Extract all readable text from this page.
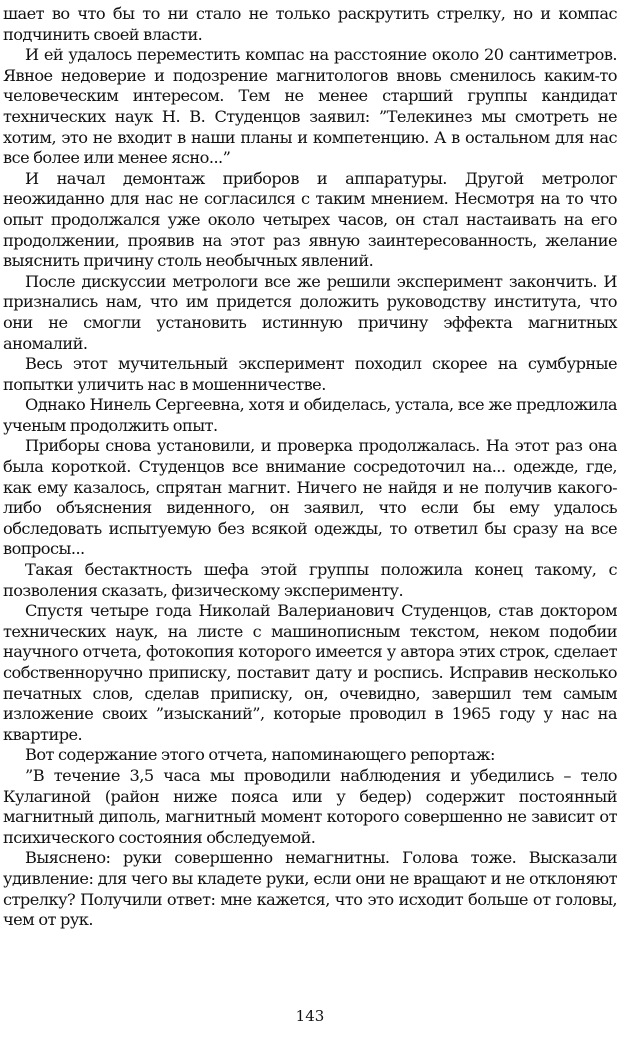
шает во что бы то ни стало не только раскрутить стрелку, но и компас подчинить своей власти.

И ей удалось переместить компас на расстояние около 20 сантиметров. Явное недоверие и подозрение магнитологов вновь сменилось каким-то человеческим интересом. Тем не менее старший группы кандидат технических наук Н. В. Студенцов заявил: ”Телекинез мы смотреть не хотим, это не входит в наши планы и компетенцию. А в остальном для нас все более или менее ясно...”

И начал демонтаж приборов и аппаратуры. Другой метролог неожиданно для нас не согласился с таким мнением. Несмотря на то что опыт продолжался уже около четырех часов, он стал настаивать на его продолжении, проявив на этот раз явную заинтересованность, желание выяснить причину столь необычных явлений.

После дискуссии метрологи все же решили эксперимент закончить. И признались нам, что им придется доложить руководству института, что они не смогли установить истинную причину эффекта магнитных аномалий.

Весь этот мучительный эксперимент походил скорее на сумбурные попытки уличить нас в мошенничестве.

Однако Нинель Сергеевна, хотя и обиделась, устала, все же предложила ученым продолжить опыт.

Приборы снова установили, и проверка продолжалась. На этот раз она была короткой. Студенцов все внимание сосредоточил на... одежде, где, как ему казалось, спрятан магнит. Ничего не найдя и не получив какого-либо объяснения виденного, он заявил, что если бы ему удалось обследовать испытуемую без всякой одежды, то ответил бы сразу на все вопросы...

Такая бестактность шефа этой группы положила конец такому, с позволения сказать, физическому эксперименту.

Спустя четыре года Николай Валерианович Студенцов, став доктором технических наук, на листе с машинописным текстом, неком подобии научного отчета, фотокопия которого имеется у автора этих строк, сделает собственноручно приписку, поставит дату и роспись. Исправив несколько печатных слов, сделав приписку, он, очевидно, завершил тем самым изложение своих ”изысканий”, которые проводил в 1965 году у нас на квартире.

Вот содержание этого отчета, напоминающего репортаж:

”В течение 3,5 часа мы проводили наблюдения и убедились – тело Кулагиной (район ниже пояса или у бедер) содержит постоянный магнитный диполь, магнитный момент которого совершенно не зависит от психического состояния обследуемой.

Выяснено: руки совершенно немагнитны. Голова тоже. Высказали удивление: для чего вы кладете руки, если они не вращают и не отклоняют стрелку? Получили ответ: мне кажется, что это исходит больше от головы, чем от рук.

143
